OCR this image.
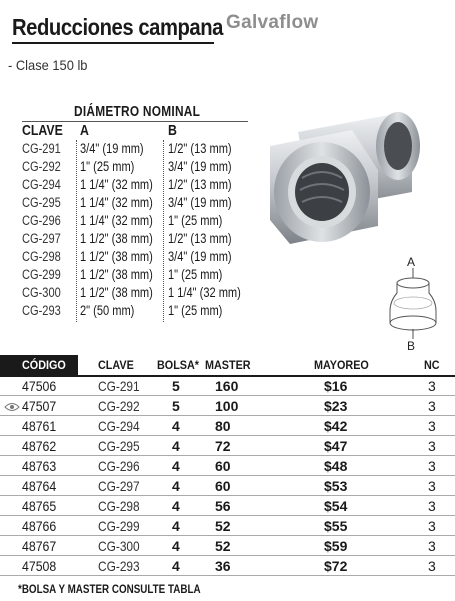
Reducciones campana Galvaflow
- Clase 150 lb
DIÁMETRO NOMINAL
CLAVE A	B
CG-291 3/4" (19 mm) 1/2" (13 mm)
CG-292 1" (25 mm) 3/4" (19 mm)
CG-294 1 1/4" (32 mm) 1/2" (13 mm)
CG-295 1 1/4" (32 mm) 3/4" (19 mm)
CG-296 1 1/4" (32 mm) 1" (25 mm)
CG-297 1 1/2" (38 mm) 1/2" (13 mm)
CG-298 1 1/2" (38 mm) 3/4" (19 mm)
CG-299 1 1/2" (38 mm) 1" (25 mm)
CG-300 1 1/2" (38 mm) 1 1/4" (32 mm)
CG-293 2" (50 mm) 1" (25 mm)
A
B
CÓDIGO	CLAVE BOLSA* MASTER	MAYOREO	NC
47506	CG-291 5	160	$16	3
47507	CG-292 5	100	$23	3
48761	CG-294 4	80	$42	3
48762	CG-295 4	72	$47	3
48763	CG-296 4	60	$48	3
48764	CG-297 4	60	$53	3
48765	CG-298 4	56	$54	3
48766	CG-299 4	52	$55	3
48767	CG-300 4	52	$59	3
47508	CG-293 4	36	$72	3
*BOLSA Y MASTER CONSULTE TABLA
